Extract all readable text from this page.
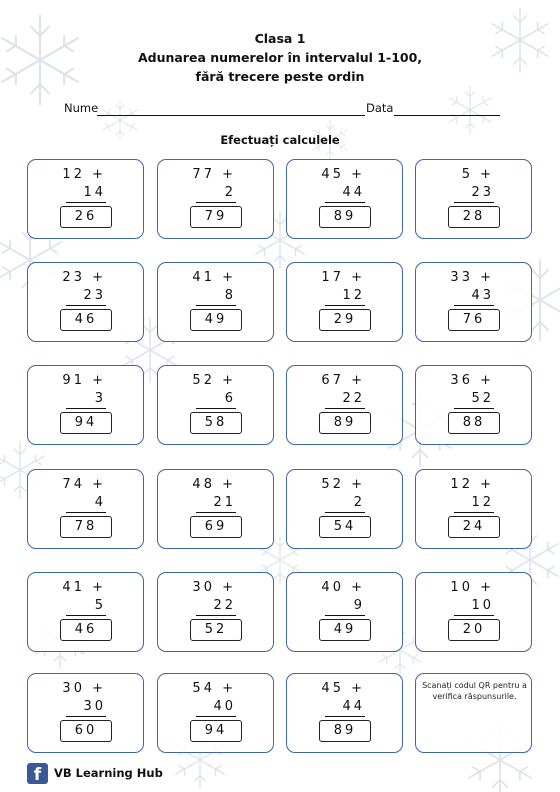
Clasa 1
Adunarea numerelor în intervalul 1-100,
fără trecere peste ordin
Nume	Data
Efectuați calculele
12 +
14
26
77 +
2
79
45 +
44
89
5 +
23
28
23 +
23
46
41 +
8
49
17 +
12
29
33 +
43
76
91 +
3
94
52 +
6
58
67 +
22
89
36 +
52
88
74 +
4
78
48 +
21
69
52 +
2
54
12 +
12
24
41 +
5
46
30 +
22
52
40 +
9
49
10 +
10
20
30 +
30
60
54 +
40
94
45 +
44
89
Scanați codul QR pentru a verifica răspunsurile.
f	VB Learning Hub
